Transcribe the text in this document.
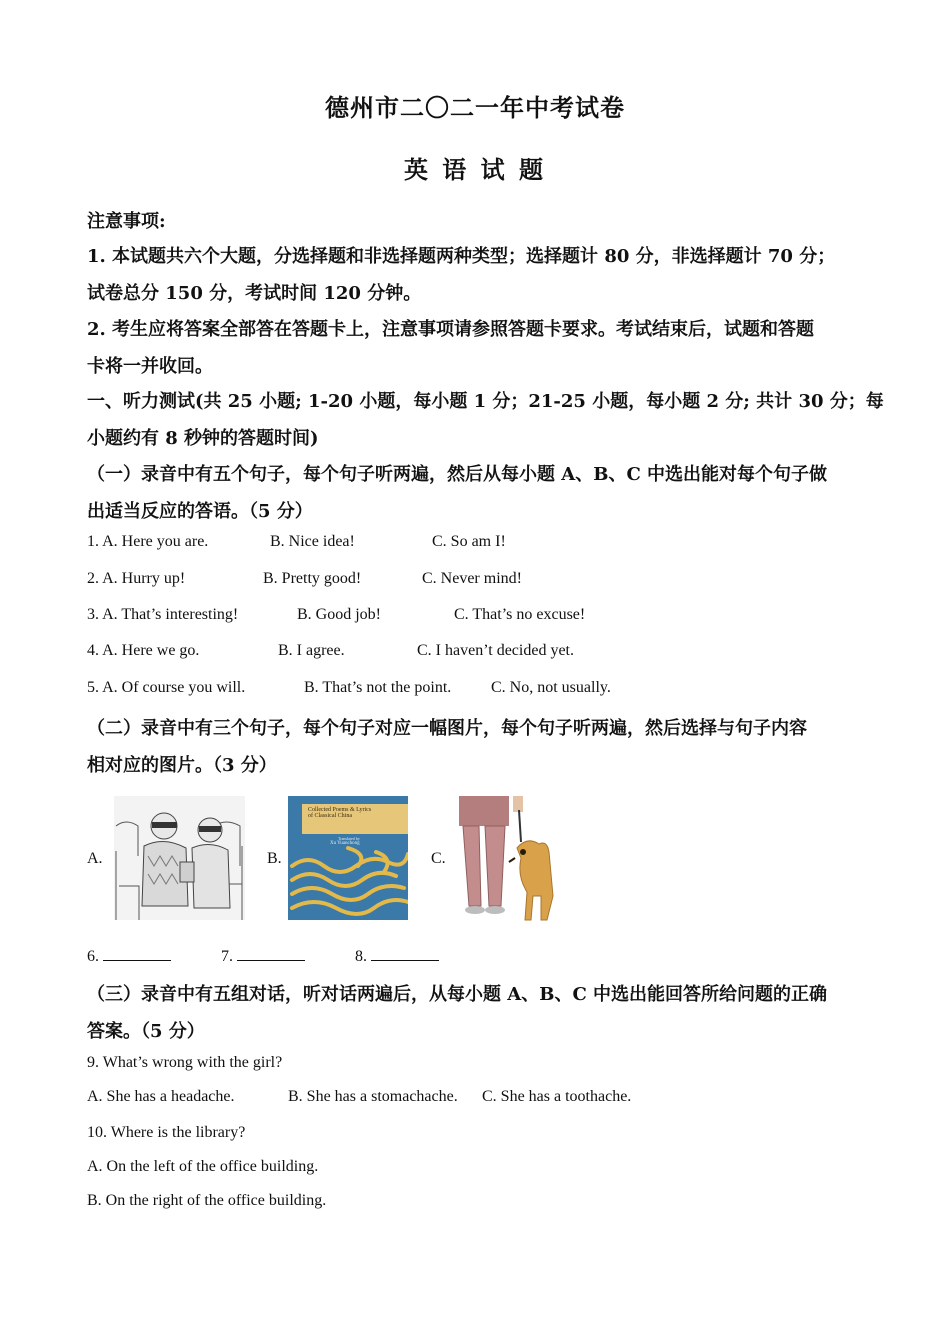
德州市二〇二一年中考试卷
英 语 试 题
注意事项:
1. 本试题共六个大题，分选择题和非选择题两种类型；选择题计 80 分，非选择题计 70 分；
试卷总分 150 分，考试时间 120 分钟。
2. 考生应将答案全部答在答题卡上，注意事项请参照答题卡要求。考试结束后，试题和答题
卡将一并收回。
一、听力测试(共 25 小题; 1-20 小题，每小题 1 分；21-25 小题，每小题 2 分; 共计 30 分；每
小题约有 8 秒钟的答题时间)
（一）录音中有五个句子，每个句子听两遍，然后从每小题 A、B、C 中选出能对每个句子做
出适当反应的答语。（5 分）
1. A. Here you are.	B. Nice idea!	C. So am I!
2. A. Hurry up!	B. Pretty good!	C. Never mind!
3. A. That’s interesting!	B. Good job!	C. That’s no excuse!
4. A. Here we go.	B. I agree.	C. I haven’t decided yet.
5. A. Of course you will.	B. That’s not the point. C. No, not usually.
（二）录音中有三个句子，每个句子对应一幅图片，每个句子听两遍，然后选择与句子内容
相对应的图片。（3 分）
A.	B.	C.
Collected Poems & Lyrics
of Classical China
Translated by
Xu Yuanchong
6.	7.	8.
（三）录音中有五组对话，听对话两遍后，从每小题 A、B、C 中选出能回答所给问题的正确
答案。（5 分）
9. What’s wrong with the girl?
A. She has a headache.	B. She has a stomachache. C. She has a toothache.
10. Where is the library?
A. On the left of the office building.
B. On the right of the office building.
